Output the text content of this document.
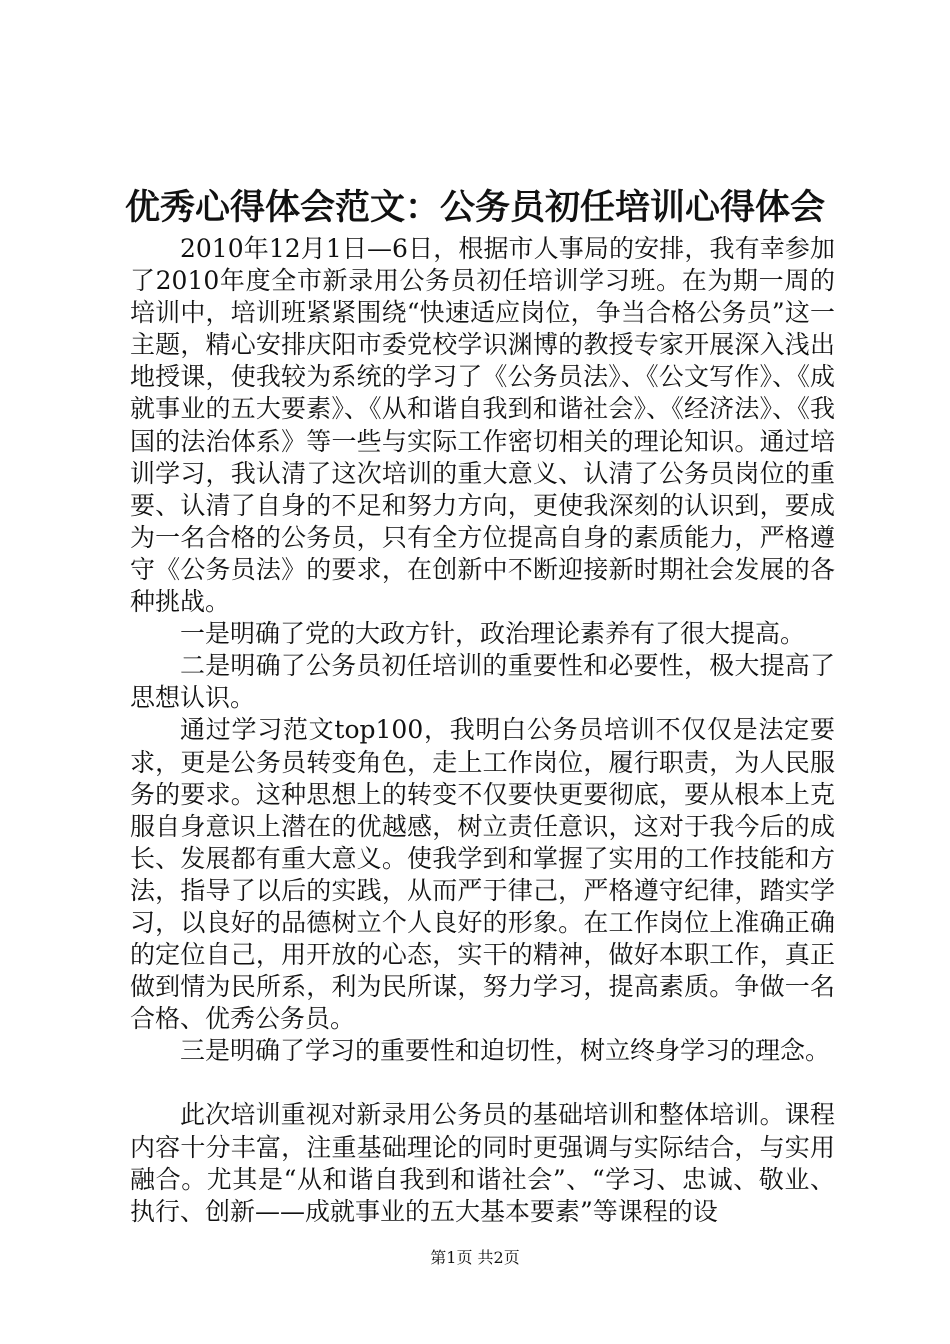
优秀心得体会范文：公务员初任培训心得体会

2010年12月1日—6日，根据市人事局的安排，我有幸参加了2010年度全市新录用公务员初任培训学习班。在为期一周的培训中，培训班紧紧围绕“快速适应岗位，争当合格公务员”这一主题，精心安排庆阳市委党校学识渊博的教授专家开展深入浅出地授课，使我较为系统的学习了《公务员法》、《公文写作》、《成就事业的五大要素》、《从和谐自我到和谐社会》、《经济法》、《我国的法治体系》等一些与实际工作密切相关的理论知识。通过培训学习，我认清了这次培训的重大意义、认清了公务员岗位的重要、认清了自身的不足和努力方向，更使我深刻的认识到，要成为一名合格的公务员，只有全方位提高自身的素质能力，严格遵守《公务员法》的要求，在创新中不断迎接新时期社会发展的各种挑战。

一是明确了党的大政方针，政治理论素养有了很大提高。

二是明确了公务员初任培训的重要性和必要性，极大提高了思想认识。

通过学习范文top100，我明白公务员培训不仅仅是法定要求，更是公务员转变角色，走上工作岗位，履行职责，为人民服务的要求。这种思想上的转变不仅要快更要彻底，要从根本上克服自身意识上潜在的优越感，树立责任意识，这对于我今后的成长、发展都有重大意义。使我学到和掌握了实用的工作技能和方法，指导了以后的实践，从而严于律己，严格遵守纪律，踏实学习，以良好的品德树立个人良好的形象。在工作岗位上准确正确的定位自己，用开放的心态，实干的精神，做好本职工作，真正做到情为民所系，利为民所谋，努力学习，提高素质。争做一名合格、优秀公务员。

三是明确了学习的重要性和迫切性，树立终身学习的理念。

此次培训重视对新录用公务员的基础培训和整体培训。课程内容十分丰富，注重基础理论的同时更强调与实际结合，与实用融合。尤其是“从和谐自我到和谐社会”、“学习、忠诚、敬业、执行、创新——成就事业的五大基本要素”等课程的设

第1页 共2页
